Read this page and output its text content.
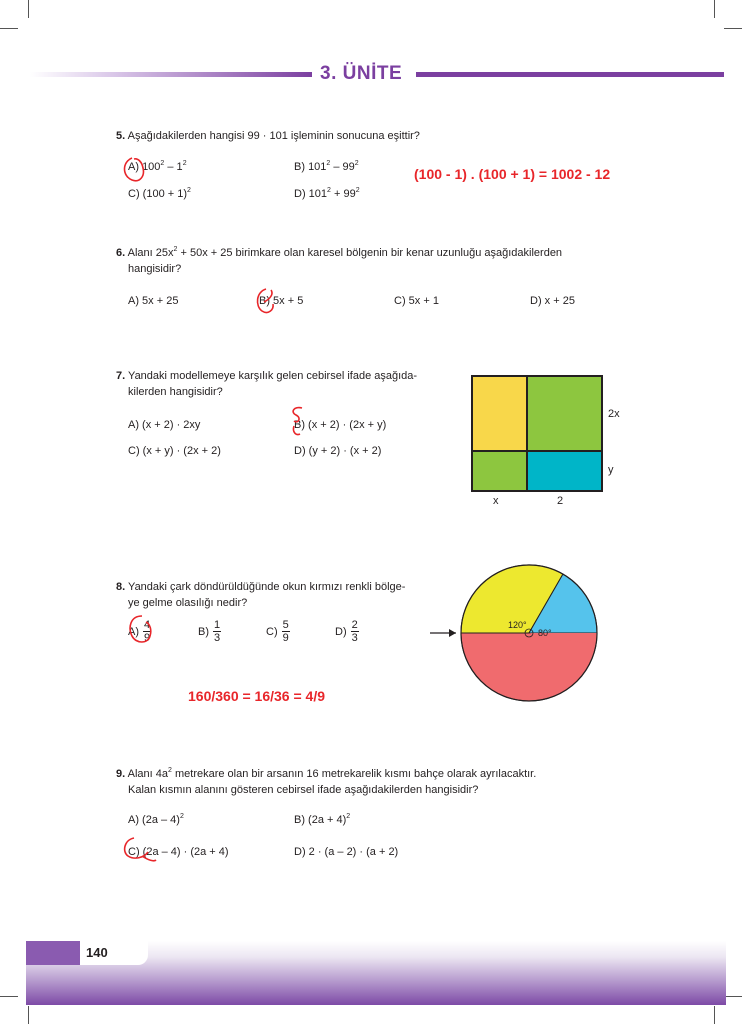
3. ÜNİTE
5. Aşağıdakilerden hangisi 99 · 101 işleminin sonucuna eşittir?
A) $100^2 - 1^2$	B) $101^2 - 99^2$
C) $(100 + 1)^2$	D) $101^2 + 99^2$
(100 - 1) . (100 + 1) = 1002 - 12
6. Alanı $25x^2 + 50x + 25$ birimkare olan karesel bölgenin bir kenar uzunluğu aşağıdakilerden
hangisidir?
A) 5x + 25	B) 5x + 5	C) 5x + 1	D) x + 25
7. Yandaki modellemeye karşılık gelen cebirsel ifade aşağıda-
kilerden hangisidir?
A) (x + 2) · 2xy	B) (x + 2) · (2x + y)
C) (x + y) · (2x + 2)	D) (y + 2) · (x + 2)
2x
y
x	2
8. Yandaki çark döndürüldüğünde okun kırmızı renkli bölge-
ye gelme olasılığı nedir?
$A) \frac{4}{9}$	$B) \frac{1}{3}$	$C) \frac{5}{9}$	$D) \frac{2}{3}$
160/360 = 16/36 = 4/9
120°
80°
9. Alanı $4a^2$ metrekare olan bir arsanın 16 metrekarelik kısmı bahçe olarak ayrılacaktır.
Kalan kısmın alanını gösteren cebirsel ifade aşağıdakilerden hangisidir?
A) (2a – 4)$^2$	B) $(2a + 4)^2$
C) (2a – 4) · (2a + 4)	D) 2 · (a – 2) · (a + 2)
140
